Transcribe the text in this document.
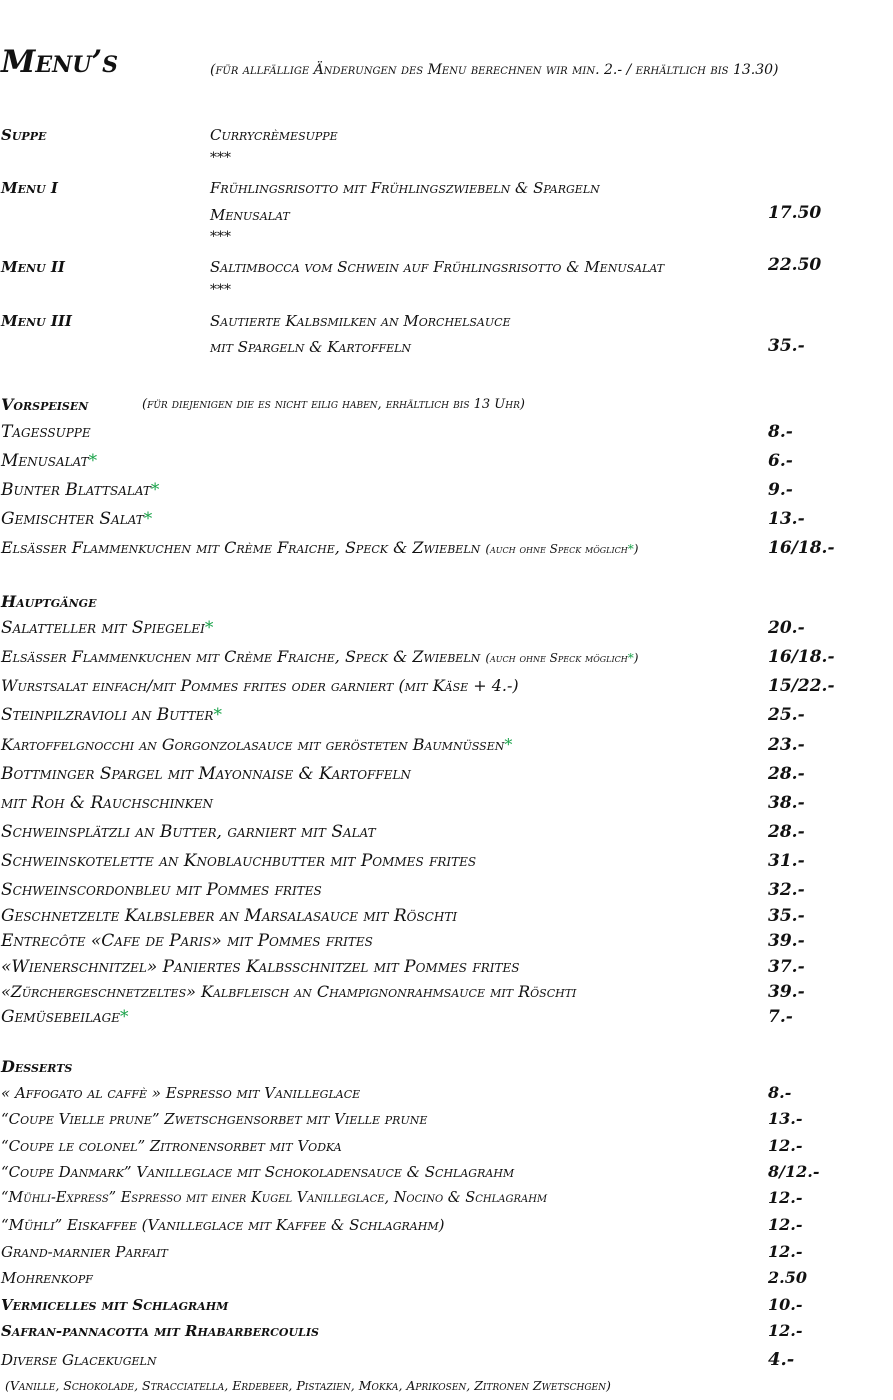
Menu’s	(für allfällige Änderungen des Menu berechnen wir min. 2.- / erhältlich bis 13.30)
Suppe	Currycrèmesuppe
***
Menu I	Frühlingsrisotto mit Frühlingszwiebeln & Spargeln
Menusalat	17.50
***
Menu II	Saltimbocca vom Schwein auf Frühlingsrisotto & Menusalat	22.50
***
Menu III	Sautierte Kalbsmilken an Morchelsauce
mit Spargeln & Kartoffeln	35.-
Vorspeisen	(für diejenigen die es nicht eilig haben, erhältlich bis 13 Uhr)
Tagessuppe	8.-
Menusalat*	6.-
Bunter Blattsalat*	9.-
Gemischter Salat*	13.-
Elsässer Flammenkuchen mit Crème Fraiche, Speck & Zwiebeln (auch ohne Speck möglich*)	16/18.-
Hauptgänge
Salatteller mit Spiegelei*	20.-
Elsässer Flammenkuchen mit Crème Fraiche, Speck & Zwiebeln (auch ohne Speck möglich*)	16/18.-
Wurstsalat einfach/mit Pommes frites oder garniert (mit Käse + 4.-)	15/22.-
Steinpilzravioli an Butter*	25.-
Kartoffelgnocchi an Gorgonzolasauce mit gerösteten Baumnüssen*	23.-
Bottminger Spargel mit Mayonnaise & Kartoffeln	28.-
mit Roh & Rauchschinken	38.-
Schweinsplätzli an Butter, garniert mit Salat	28.-
Schweinskotelette an Knoblauchbutter mit Pommes frites	31.-
Schweinscordonbleu mit Pommes frites	32.-
Geschnetzelte Kalbsleber an Marsalasauce mit Röschti	35.-
Entrecôte «Cafe de Paris» mit Pommes frites	39.-
«Wienerschnitzel» Paniertes Kalbsschnitzel mit Pommes frites	37.-
«Zürchergeschnetzeltes» Kalbfleisch an Champignonrahmsauce mit Röschti	39.-
Gemüsebeilage*	7.-
Desserts
« Affogato al caffè » Espresso mit Vanilleglace	8.-
“Coupe Vielle prune” Zwetschgensorbet mit Vielle prune	13.-
“Coupe le colonel” Zitronensorbet mit Vodka	12.-
“Coupe Danmark” Vanilleglace mit Schokoladensauce & Schlagrahm	8/12.-
“Mühli-Express” Espresso mit einer Kugel Vanilleglace, Nocino & Schlagrahm	12.-
“Mühli” Eiskaffee (Vanilleglace mit Kaffee & Schlagrahm)	12.-
Grand-marnier Parfait	12.-
Mohrenkopf	2.50
Vermicelles mit Schlagrahm	10.-
Safran-pannacotta mit Rhabarbercoulis	12.-
Diverse Glacekugeln	4.-
(Vanille, Schokolade, Stracciatella, Erdebeer, Pistazien, Mokka, Aprikosen, Zitronen Zwetschgen)
